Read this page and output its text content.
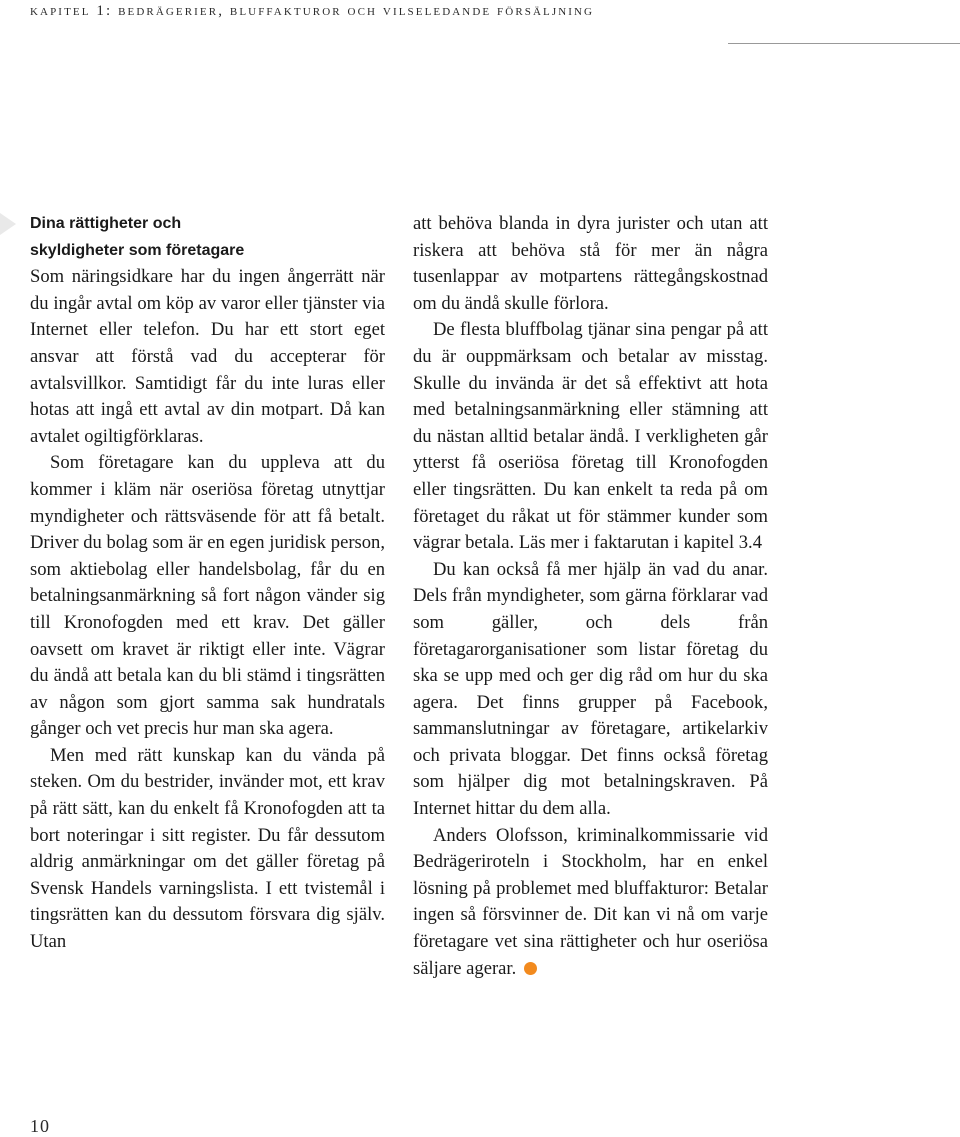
kapitel 1: bedrägerier, bluffakturor och vilseledande försäljning
Dina rättigheter och
skyldigheter som företagare

Som näringsidkare har du ingen ångerrätt när du ingår avtal om köp av varor eller tjänster via Internet eller telefon. Du har ett stort eget ansvar att förstå vad du accepterar för avtalsvillkor. Samtidigt får du inte luras eller hotas att ingå ett avtal av din motpart. Då kan avtalet ogiltigförklaras.

Som företagare kan du uppleva att du kommer i kläm när oseriösa företag utnyttjar myndigheter och rättsväsende för att få betalt. Driver du bolag som är en egen juridisk person, som aktiebolag eller handelsbolag, får du en betalningsanmärkning så fort någon vänder sig till Kronofogden med ett krav. Det gäller oavsett om kravet är riktigt eller inte. Vägrar du ändå att betala kan du bli stämd i tingsrätten av någon som gjort samma sak hundratals gånger och vet precis hur man ska agera.

Men med rätt kunskap kan du vända på steken. Om du bestrider, invänder mot, ett krav på rätt sätt, kan du enkelt få Kronofogden att ta bort noteringar i sitt register. Du får dessutom aldrig anmärkningar om det gäller företag på Svensk Handels varningslista. I ett tvistemål i tingsrätten kan du dessutom försvara dig själv. Utan

att behöva blanda in dyra jurister och utan att riskera att behöva stå för mer än några tusenlappar av motpartens rättegångskostnad om du ändå skulle förlora.

De flesta bluffbolag tjänar sina pengar på att du är ouppmärksam och betalar av misstag. Skulle du invända är det så effektivt att hota med betalningsanmärkning eller stämning att du nästan alltid betalar ändå. I verkligheten går ytterst få oseriösa företag till Kronofogden eller tingsrätten. Du kan enkelt ta reda på om företaget du råkat ut för stämmer kunder som vägrar betala. Läs mer i faktarutan i kapitel 3.4

Du kan också få mer hjälp än vad du anar. Dels från myndigheter, som gärna förklarar vad som gäller, och dels från företagarorganisationer som listar företag du ska se upp med och ger dig råd om hur du ska agera. Det finns grupper på Facebook, sammanslutningar av företagare, artikelarkiv och privata bloggar. Det finns också företag som hjälper dig mot betalningskraven. På Internet hittar du dem alla.

Anders Olofsson, kriminalkommissarie vid Bedrägeriroteln i Stockholm, har en enkel lösning på problemet med bluffakturor: Betalar ingen så försvinner de. Dit kan vi nå om varje företagare vet sina rättigheter och hur oseriösa säljare agerar.

10
